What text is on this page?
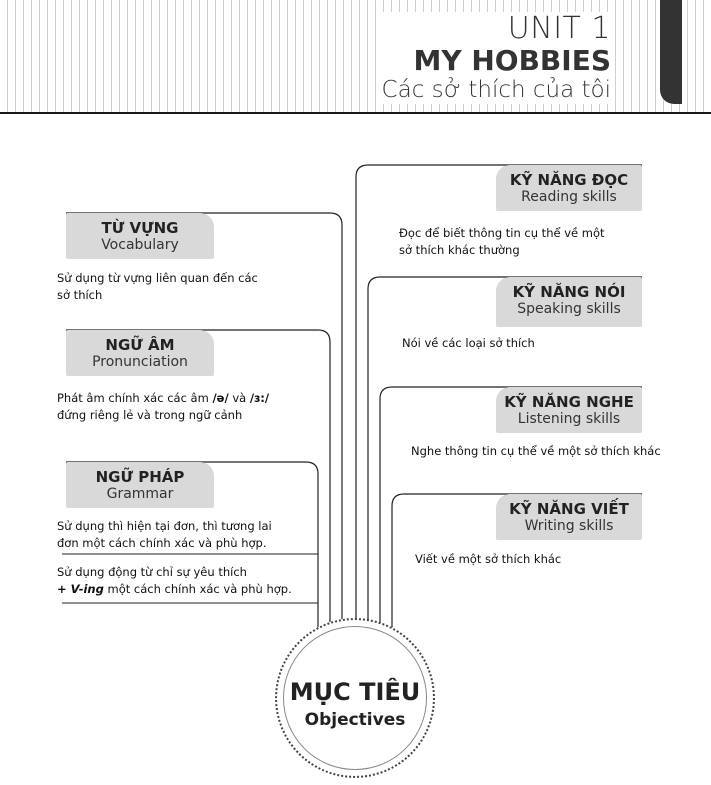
UNIT 1
MY HOBBIES
Các sở thích của tôi
TỪ VỰNG
Vocabulary
Sử dụng từ vựng liên quan đến các
sở thích
NGỮ ÂM
Pronunciation
Phát âm chính xác các âm /ə/ và /ɜ:/
đứng riêng lẻ và trong ngữ cảnh
NGỮ PHÁP
Grammar
Sử dụng thì hiện tại đơn, thì tương lai
đơn một cách chính xác và phù hợp.
Sử dụng động từ chỉ sự yêu thích
+ V-ing một cách chính xác và phù hợp.
KỸ NĂNG ĐỌC
Reading skills
Đọc để biết thông tin cụ thể về một
sở thích khác thường
KỸ NĂNG NÓI
Speaking skills
Nói về các loại sở thích
KỸ NĂNG NGHE
Listening skills
Nghe thông tin cụ thể về một sở thích khác
KỸ NĂNG VIẾT
Writing skills
Viết về một sở thích khác
MỤC TIÊU
Objectives
